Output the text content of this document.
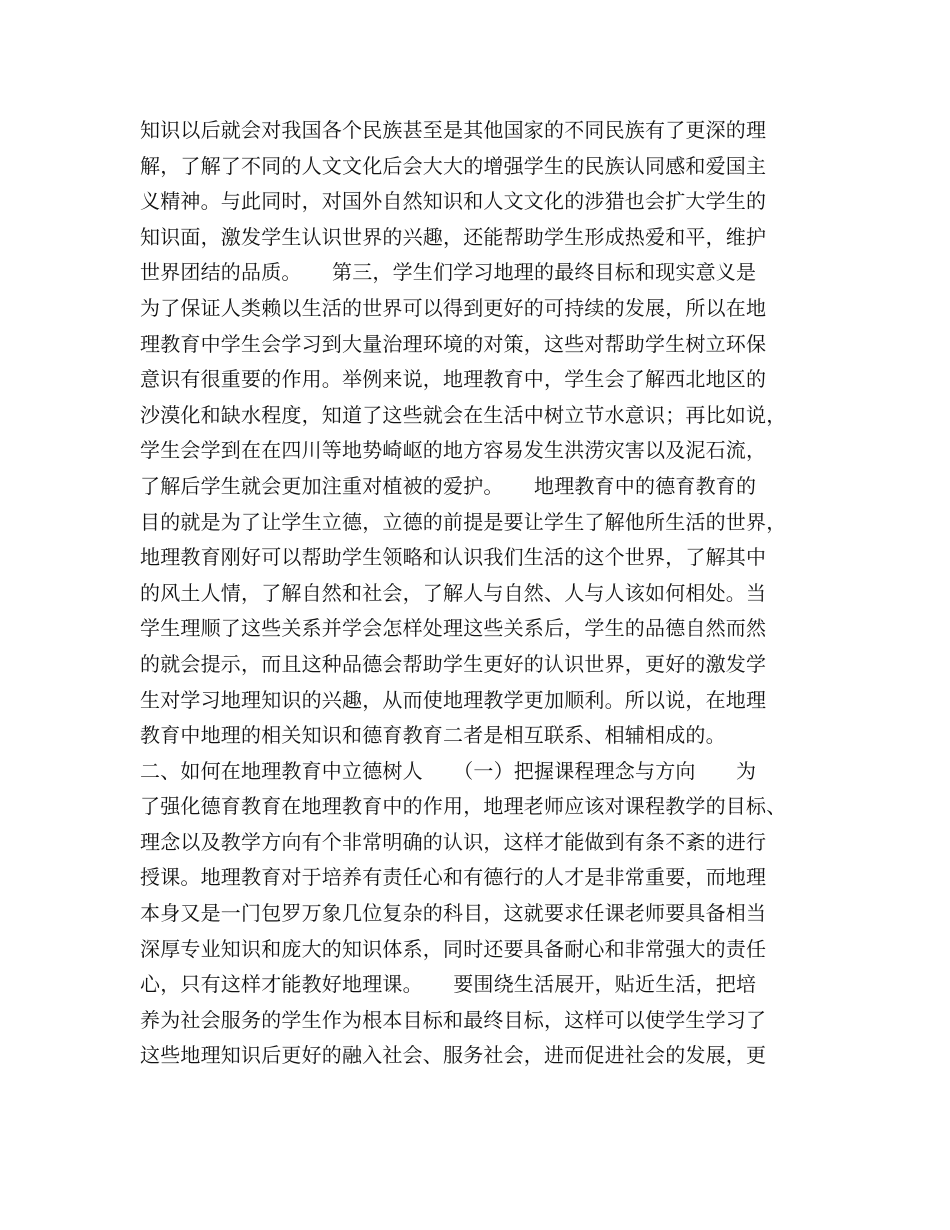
知识以后就会对我国各个民族甚至是其他国家的不同民族有了更深的理
解，了解了不同的人文文化后会大大的增强学生的民族认同感和爱国主
义精神。与此同时，对国外自然知识和人文文化的涉猎也会扩大学生的
知识面，激发学生认识世界的兴趣，还能帮助学生形成热爱和平，维护
世界团结的品质。　　第三，学生们学习地理的最终目标和现实意义是
为了保证人类赖以生活的世界可以得到更好的可持续的发展，所以在地
理教育中学生会学习到大量治理环境的对策，这些对帮助学生树立环保
意识有很重要的作用。举例来说，地理教育中，学生会了解西北地区的
沙漠化和缺水程度，知道了这些就会在生活中树立节水意识；再比如说，
学生会学到在在四川等地势崎岖的地方容易发生洪涝灾害以及泥石流，
了解后学生就会更加注重对植被的爱护。　　地理教育中的德育教育的
目的就是为了让学生立德，立德的前提是要让学生了解他所生活的世界，
地理教育刚好可以帮助学生领略和认识我们生活的这个世界，了解其中
的风土人情，了解自然和社会，了解人与自然、人与人该如何相处。当
学生理顺了这些关系并学会怎样处理这些关系后，学生的品德自然而然
的就会提示，而且这种品德会帮助学生更好的认识世界，更好的激发学
生对学习地理知识的兴趣，从而使地理教学更加顺利。所以说，在地理
教育中地理的相关知识和德育教育二者是相互联系、相辅相成的。
二、如何在地理教育中立德树人　　（一）把握课程理念与方向　　为
了强化德育教育在地理教育中的作用，地理老师应该对课程教学的目标、
理念以及教学方向有个非常明确的认识，这样才能做到有条不紊的进行
授课。地理教育对于培养有责任心和有德行的人才是非常重要，而地理
本身又是一门包罗万象几位复杂的科目，这就要求任课老师要具备相当
深厚专业知识和庞大的知识体系，同时还要具备耐心和非常强大的责任
心，只有这样才能教好地理课。　　要围绕生活展开，贴近生活，把培
养为社会服务的学生作为根本目标和最终目标，这样可以使学生学习了
这些地理知识后更好的融入社会、服务社会，进而促进社会的发展，更
